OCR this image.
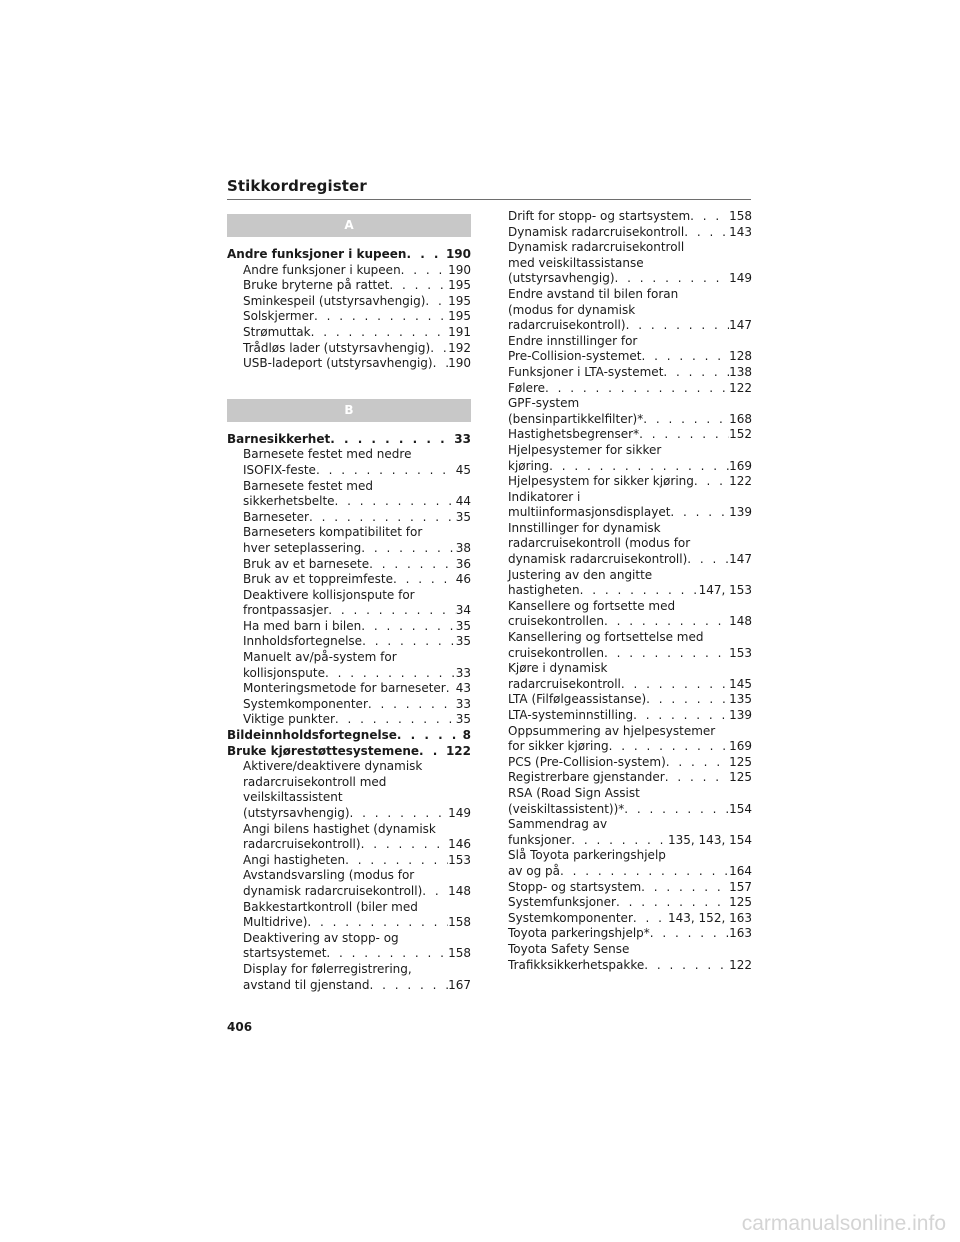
Stikkordregister
A
Andre funksjoner i kupeen . . .	190
Andre funksjoner i kupeen . . .	190
Bruke bryterne på rattet . . .	195
Sminkespeil (utstyrsavhengig) . . . 195
Solskjermer . . .	195
Strømuttak . . .	191
Trådløs lader (utstyrsavhengig) . . . 192
USB-ladeport (utstyrsavhengig) . . . 190
B
Barnesikkerhet . . .	33
Barnesete festet med nedre
ISOFIX-feste . . .	45
Barnesete festet med
sikkerhetsbelte . . .	44
Barneseter . . .	35
Barneseters kompatibilitet for
hver seteplassering . . .	38
Bruk av et barnesete . . .	36
Bruk av et toppreimfeste . . .	46
Deaktivere kollisjonspute for
frontpassasjer . . .	34
Ha med barn i bilen . . .	35
Innholdsfortegnelse . . .	35
Manuelt av/på-system for
kollisjonspute . . .	33
Monteringsmetode for barneseter . . . 43
Systemkomponenter . . .	33
Viktige punkter . . .	35
Bildeinnholdsfortegnelse . . .	8
Bruke kjørestøttesystemene . . . 122
Aktivere/deaktivere dynamisk
radarcruisekontroll med
veilskiltassistent
(utstyrsavhengig) . . .	149
Angi bilens hastighet (dynamisk
radarcruisekontroll) . . .	146
Angi hastigheten . . .	153
Avstandsvarsling (modus for
dynamisk radarcruisekontroll) . . . 148
Bakkestartkontroll (biler med
Multidrive) . . .	158
Deaktivering av stopp- og
startsystemet . . .	158
Display for følerregistrering,
avstand til gjenstand . . .	167
Drift for stopp- og startsystem . . .	158
Dynamisk radarcruisekontroll . . .	143
Dynamisk radarcruisekontroll
med veiskiltassistanse
(utstyrsavhengig) . . .	149
Endre avstand til bilen foran
(modus for dynamisk
radarcruisekontroll) . . .	147
Endre innstillinger for
Pre-Collision-systemet . . .	128
Funksjoner i LTA-systemet . . .	138
Følere . . .	122
GPF-system
(bensinpartikkelfilter)* . . .	168
Hastighetsbegrenser* . . .	152
Hjelpesystemer for sikker
kjøring . . .	169
Hjelpesystem for sikker kjøring . . .	122
Indikatorer i
multiinformasjonsdisplayet . . .	139
Innstillinger for dynamisk
radarcruisekontroll (modus for
dynamisk radarcruisekontroll) . . .	147
Justering av den angitte
hastigheten . . .	147, 153
Kansellere og fortsette med
cruisekontrollen . . .	148
Kansellering og fortsettelse med
cruisekontrollen . . .	153
Kjøre i dynamisk
radarcruisekontroll . . .	145
LTA (Filfølgeassistanse) . . .	135
LTA-systeminnstilling . . .	139
Oppsummering av hjelpesystemer
for sikker kjøring . . .	169
PCS (Pre-Collision-system) . . .	125
Registrerbare gjenstander . . .	125
RSA (Road Sign Assist
(veiskiltassistent))* . . .	154
Sammendrag av
funksjoner . . .	135, 143, 154
Slå Toyota parkeringshjelp
av og på . . .	164
Stopp- og startsystem . . .	157
Systemfunksjoner . . .	125
Systemkomponenter . . .	143, 152, 163
Toyota parkeringshjelp* . . .	163
Toyota Safety Sense
Trafikksikkerhetspakke . . .	122
406
carmanualsonline.info
